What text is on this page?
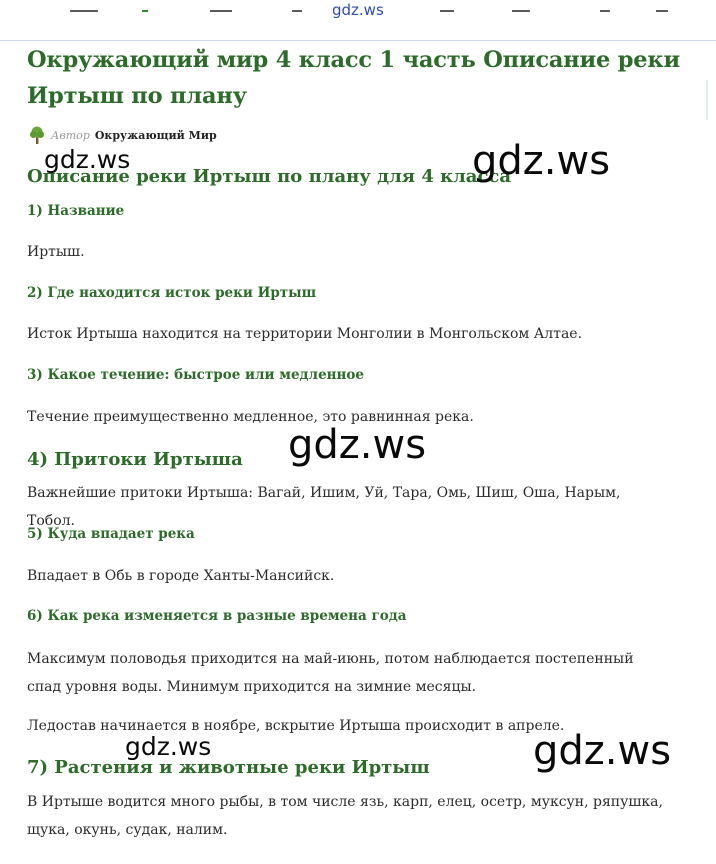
gdz.ws
Окружающий мир 4 класс 1 часть Описание реки Иртыш по плану
Автор Окружающий Мир
Описание реки Иртыш по плану для 4 класса
1) Название
Иртыш.
2) Где находится исток реки Иртыш
Исток Иртыша находится на территории Монголии в Монгольском Алтае.
3) Какое течение: быстрое или медленное
Течение преимущественно медленное, это равнинная река.
4) Притоки Иртыша
Важнейшие притоки Иртыша: Вагай, Ишим, Уй, Тара, Омь, Шиш, Оша, Нарым, Тобол.
5) Куда впадает река
Впадает в Обь в городе Ханты-Мансийск.
6) Как река изменяется в разные времена года
Максимум половодья приходится на май-июнь, потом наблюдается постепенный спад уровня воды. Минимум приходится на зимние месяцы.
Ледостав начинается в ноябре, вскрытие Иртыша происходит в апреле.
7) Растения и животные реки Иртыш
В Иртыше водится много рыбы, в том числе язь, карп, елец, осетр, муксун, ряпушка, щука, окунь, судак, налим.
gdz.ws	gdz.ws
gdz.ws
gdz.ws	gdz.ws
